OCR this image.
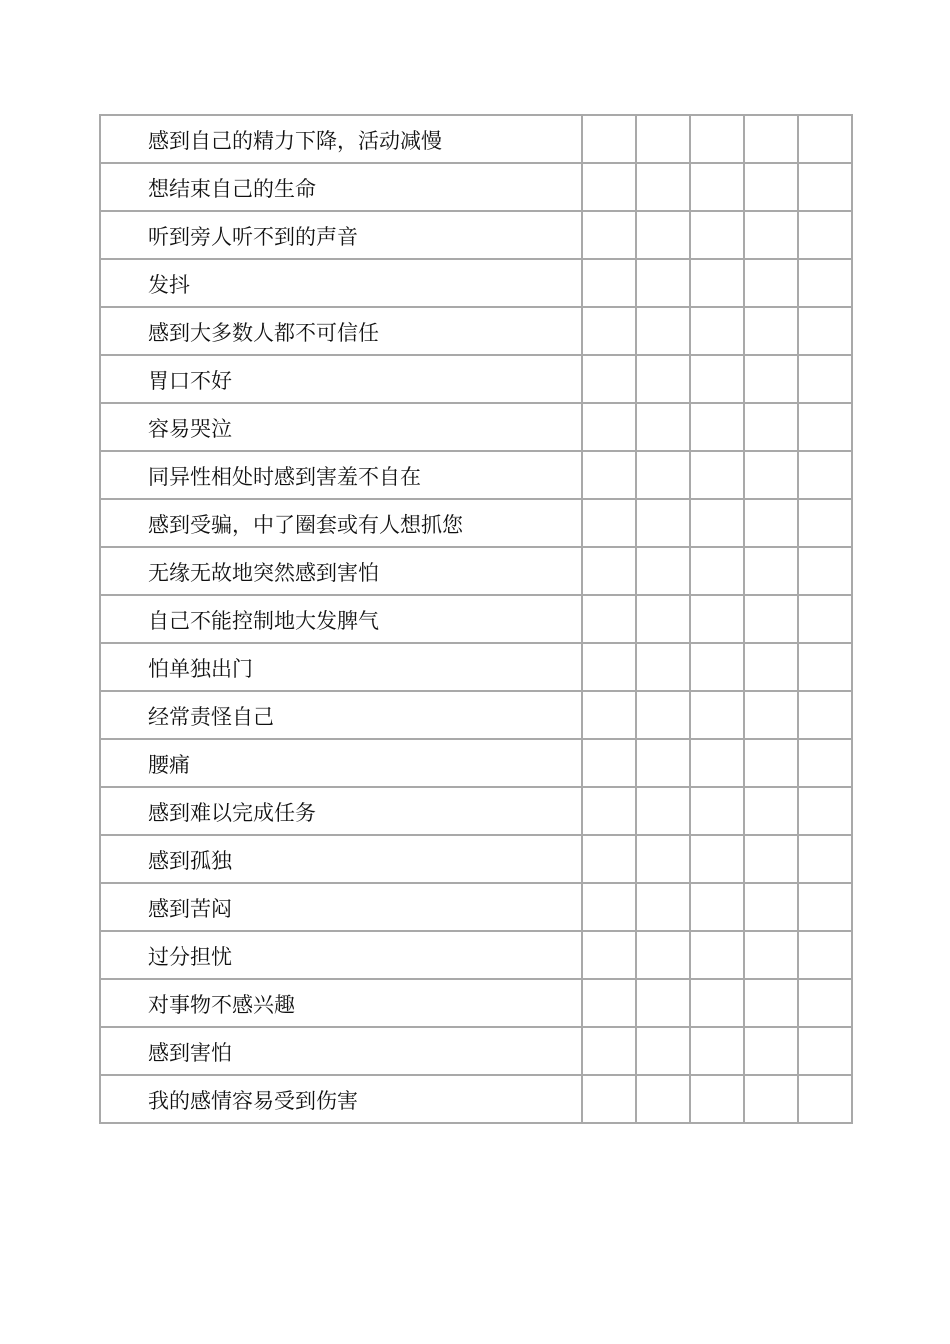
感到自己的精力下降，活动减慢					
想结束自己的生命					
听到旁人听不到的声音					
发抖					
感到大多数人都不可信任					
胃口不好					
容易哭泣					
同异性相处时感到害羞不自在					
感到受骗，中了圈套或有人想抓您					
无缘无故地突然感到害怕					
自己不能控制地大发脾气					
怕单独出门					
经常责怪自己					
腰痛					
感到难以完成任务					
感到孤独					
感到苦闷					
过分担忧					
对事物不感兴趣					
感到害怕					
我的感情容易受到伤害					
